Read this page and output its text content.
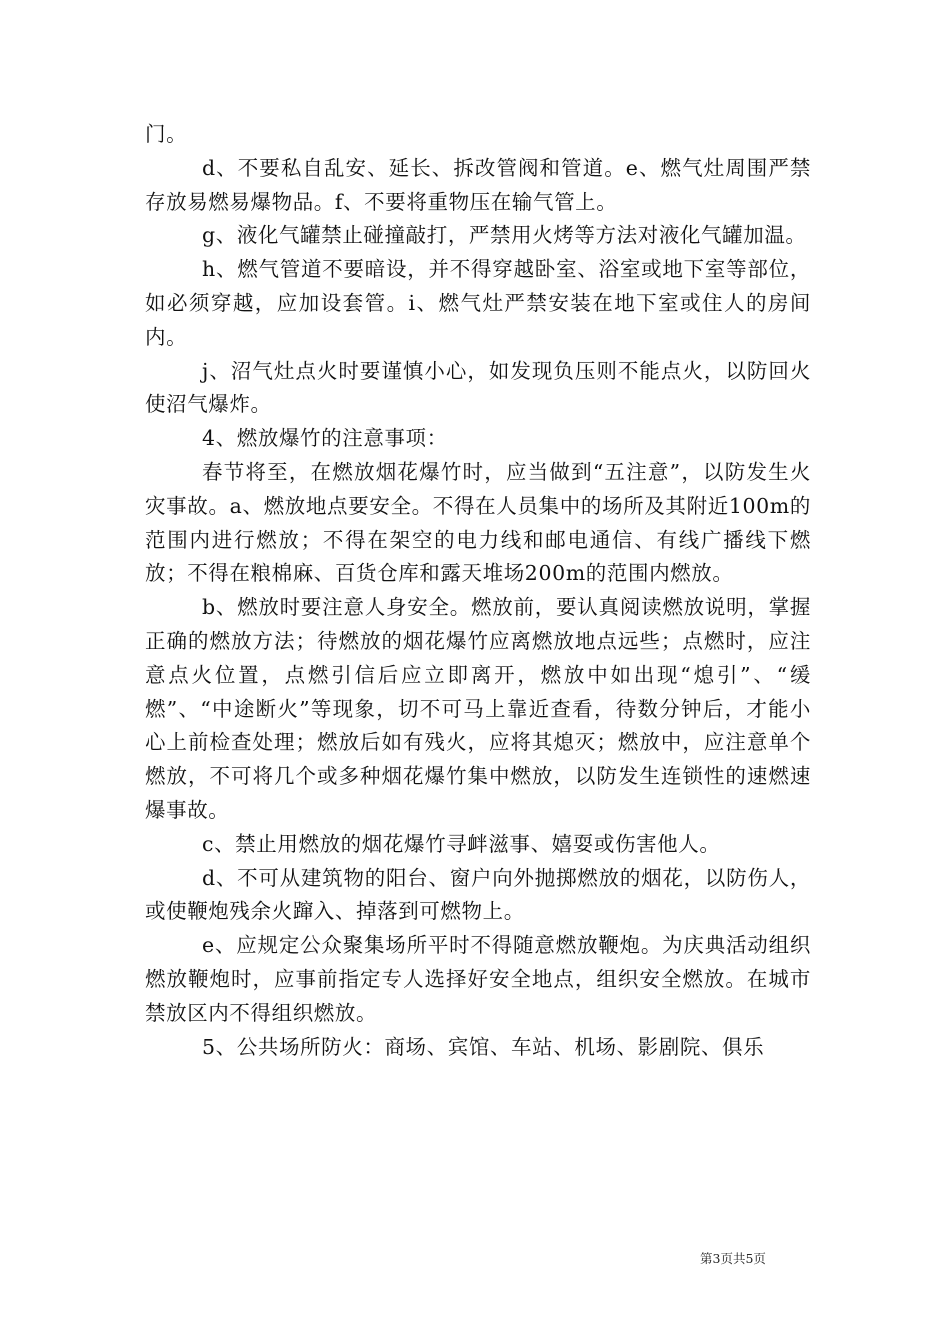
门。

d、不要私自乱安、延长、拆改管阀和管道。e、燃气灶周围严禁存放易燃易爆物品。f、不要将重物压在输气管上。

g、液化气罐禁止碰撞敲打，严禁用火烤等方法对液化气罐加温。

h、燃气管道不要暗设，并不得穿越卧室、浴室或地下室等部位，如必须穿越，应加设套管。i、燃气灶严禁安装在地下室或住人的房间内。

j、沼气灶点火时要谨慎小心，如发现负压则不能点火，以防回火使沼气爆炸。

4、燃放爆竹的注意事项：

春节将至，在燃放烟花爆竹时，应当做到“五注意”，以防发生火灾事故。a、燃放地点要安全。不得在人员集中的场所及其附近100m的范围内进行燃放；不得在架空的电力线和邮电通信、有线广播线下燃放；不得在粮棉麻、百货仓库和露天堆场200m的范围内燃放。

b、燃放时要注意人身安全。燃放前，要认真阅读燃放说明，掌握正确的燃放方法；待燃放的烟花爆竹应离燃放地点远些；点燃时，应注意点火位置，点燃引信后应立即离开，燃放中如出现“熄引”、“缓燃”、“中途断火”等现象，切不可马上靠近查看，待数分钟后，才能小心上前检查处理；燃放后如有残火，应将其熄灭；燃放中，应注意单个燃放，不可将几个或多种烟花爆竹集中燃放，以防发生连锁性的速燃速爆事故。

c、禁止用燃放的烟花爆竹寻衅滋事、嬉耍或伤害他人。

d、不可从建筑物的阳台、窗户向外抛掷燃放的烟花，以防伤人，或使鞭炮残余火蹿入、掉落到可燃物上。

e、应规定公众聚集场所平时不得随意燃放鞭炮。为庆典活动组织燃放鞭炮时，应事前指定专人选择好安全地点，组织安全燃放。在城市禁放区内不得组织燃放。

5、公共场所防火：商场、宾馆、车站、机场、影剧院、俱乐

第3页共5页
